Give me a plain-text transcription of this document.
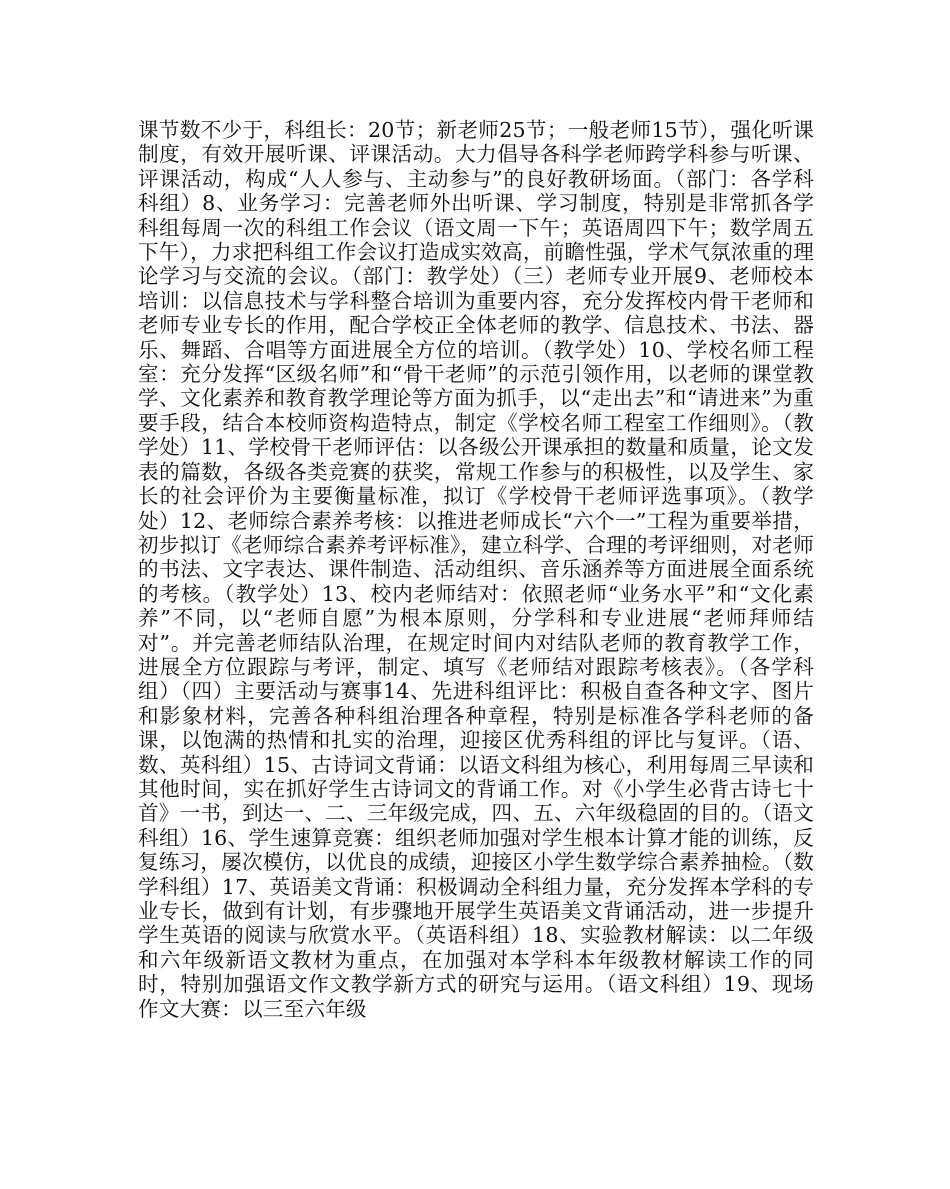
课节数不少于，科组长：20节；新老师25节；一般老师15节），强化听课制度，有效开展听课、评课活动。大力倡导各科学老师跨学科参与听课、评课活动，构成“人人参与、主动参与”的良好教研场面。（部门：各学科科组）8、业务学习：完善老师外出听课、学习制度，特别是非常抓各学科组每周一次的科组工作会议（语文周一下午；英语周四下午；数学周五下午），力求把科组工作会议打造成实效高，前瞻性强，学术气氛浓重的理论学习与交流的会议。（部门：教学处）（三）老师专业开展9、老师校本培训：以信息技术与学科整合培训为重要内容，充分发挥校内骨干老师和老师专业专长的作用，配合学校正全体老师的教学、信息技术、书法、器乐、舞蹈、合唱等方面进展全方位的培训。（教学处）10、学校名师工程室：充分发挥“区级名师”和“骨干老师”的示范引领作用，以老师的课堂教学、文化素养和教育教学理论等方面为抓手，以“走出去”和“请进来”为重要手段，结合本校师资构造特点，制定《学校名师工程室工作细则》。（教学处）11、学校骨干老师评估：以各级公开课承担的数量和质量，论文发表的篇数，各级各类竞赛的获奖，常规工作参与的积极性，以及学生、家长的社会评价为主要衡量标准，拟订《学校骨干老师评选事项》。（教学处）12、老师综合素养考核：以推进老师成长“六个一”工程为重要举措，初步拟订《老师综合素养考评标准》，建立科学、合理的考评细则，对老师的书法、文字表达、课件制造、活动组织、音乐涵养等方面进展全面系统的考核。（教学处）13、校内老师结对：依照老师“业务水平”和“文化素养”不同，以“老师自愿”为根本原则，分学科和专业进展“老师拜师结对”。并完善老师结队治理，在规定时间内对结队老师的教育教学工作，进展全方位跟踪与考评，制定、填写《老师结对跟踪考核表》。（各学科组）（四）主要活动与赛事14、先进科组评比：积极自查各种文字、图片和影象材料，完善各种科组治理各种章程，特别是标准各学科老师的备课，以饱满的热情和扎实的治理，迎接区优秀科组的评比与复评。（语、数、英科组）15、古诗词文背诵：以语文科组为核心，利用每周三早读和其他时间，实在抓好学生古诗词文的背诵工作。对《小学生必背古诗七十首》一书，到达一、二、三年级完成，四、五、六年级稳固的目的。（语文科组）16、学生速算竞赛：组织老师加强对学生根本计算才能的训练，反复练习，屡次模仿，以优良的成绩，迎接区小学生数学综合素养抽检。（数学科组）17、英语美文背诵：积极调动全科组力量，充分发挥本学科的专业专长，做到有计划，有步骤地开展学生英语美文背诵活动，进一步提升学生英语的阅读与欣赏水平。（英语科组）18、实验教材解读：以二年级和六年级新语文教材为重点，在加强对本学科本年级教材解读工作的同时，特别加强语文作文教学新方式的研究与运用。（语文科组）19、现场作文大赛：以三至六年级
